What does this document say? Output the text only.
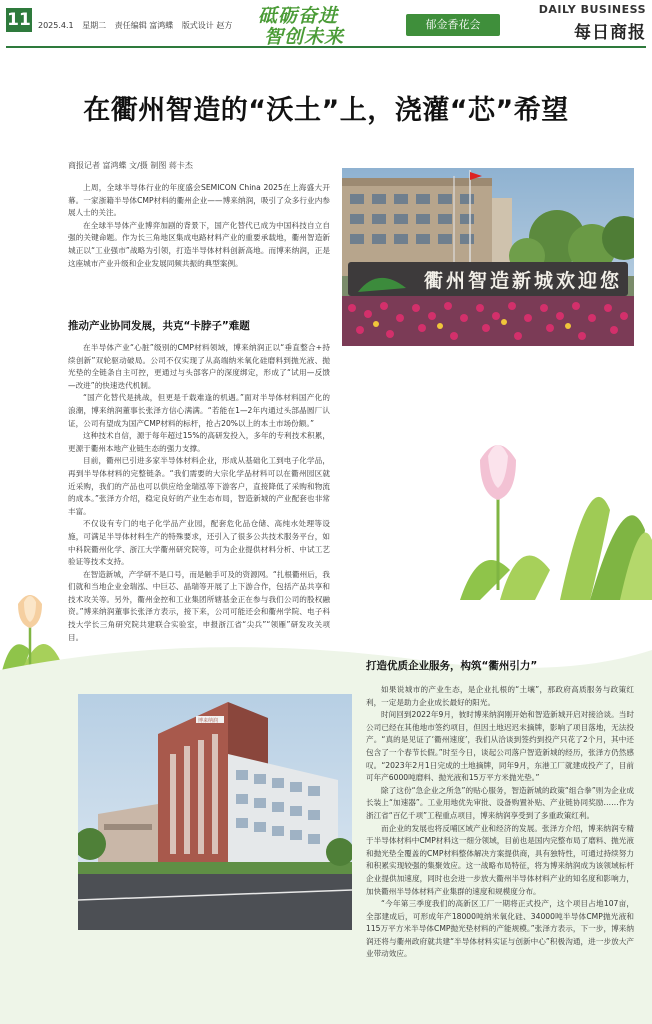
11 2025.4.1 星期二 责任编辑 富鸿蝶 版式设计 赵方	砥砺奋进
智创未来
郁金香花会
DAILY BUSINESS
每日商报
在衢州智造的“沃土”上，浇灌“芯”希望
商报记者 富鸿蝶 文/摄 制图 蒋卡杰

上周，全球半导体行业的年度盛会SEMICON China 2025在上海盛大开幕。一家浙籍半导体CMP材料的衢州企业——博来纳润，吸引了众多行业内参展人士的关注。

在全球半导体产业博弈加剧的背景下，国产化替代已成为中国科技自立自强的关键命题。作为长三角地区集成电路材料产业的重要承载地，衢州智造新城正以“工业强市”战略为引领，打造半导体材料创新高地。而博来纳润，正是这座城市产业升级和企业发展同频共振的典型案例。

衢州智造新城欢迎您
推动产业协同发展，共克“卡脖子”难题

在半导体产业“心脏”级别的CMP材料领域，博来纳润正以“垂直整合+持续创新”双轮驱动破局。公司不仅实现了从高端纳米氧化硅磨料到抛光液、抛光垫的全链条自主可控，更通过与头部客户的深度绑定，形成了“试用—反馈—改进”的快速迭代机制。

“国产化替代是挑战，但更是千载难逢的机遇。”面对半导体材料国产化的浪潮，博来纳润董事长张泽方信心满满。“若能在1—2年内通过头部晶圆厂认证，公司有望成为国产CMP材料的标杆，抢占20%以上的本土市场份额。”

这种技术自信，源于每年超过15%的高研发投入，多年的专利技术积累，更源于衢州本地产业链生态的强力支撑。

目前，衢州已引进多家半导体材料企业，形成从基础化工到电子化学品，再到半导体材料的完整链条。“我们需要的大宗化学品材料可以在衢州园区就近采购，我们的产品也可以供应给金瑞泓等下游客户，直接降低了采购和物流的成本。”张泽方介绍，稳定良好的产业生态布局，智造新城的产业配套也非常丰富。

不仅设有专门的电子化学品产业园，配套危化品仓储、高纯水处理等设施，可满足半导体材料生产的特殊要求，还引入了很多公共技术服务平台，如中科院衢州化学、浙江大学衢州研究院等，可为企业提供材料分析、中试工艺验证等技术支持。

在智造新城，产学研不是口号，而是触手可及的资源网。“扎根衢州后，我们就和当地企业金瑞泓、中巨芯、晶瑞等开展了上下游合作，包括产品共享和技术攻关等。另外，衢州金控和工业集团所辖基金正在参与我们公司的股权融资。”博来纳润董事长张泽方表示，接下来，公司可能还会和衢州学院、电子科技大学长三角研究院共建联合实验室，申报浙江省“尖兵”“领雁”研发攻关项目。

博来纳润
打造优质企业服务，构筑“衢州引力”

如果说城市的产业生态，是企业扎根的“土壤”，那政府高质服务与政策红利，一定是助力企业成长最好的阳光。

时间回到2022年9月，彼时博来纳润刚开始和智造新城开启对接洽谈。当时公司已经在其他地市签约项目，但因土地迟迟未摘牌，影响了项目落地，无法投产。“真的是见证了‘衢州速度’，我们从洽谈到签约到投产只花了2个月，其中还包含了一个春节长假。”时至今日，谈起公司落户智造新城的经历，张泽方仍然感叹。“2023年2月1日完成的土地摘牌，同年9月，东港工厂就建成投产了，目前可年产6000吨磨料、抛光液和15万平方米抛光垫。”

除了这份“急企业之所急”的贴心服务，智造新城的政策“组合拳”则为企业成长装上“加速器”。工业用地优先审批、设备购置补贴、产业链协同奖励……作为浙江省“百亿千项”工程重点项目，博来纳润享受到了多重政策红利。

而企业的发展也将反哺区域产业和经济的发展。张泽方介绍，博来纳润专精于半导体材料中CMP材料这一细分领域，目前也是国内完整布局了磨料、抛光液和抛光垫全覆盖的CMP材料整体解决方案提供商，具有独特性，可通过持续努力和积累实现较强的集聚效应。这一战略布局特征，将为博来纳润成为该领域标杆企业提供加速度，同时也会进一步放大衢州半导体材料产业的知名度和影响力，加快衢州半导体材料产业集群的速度和规模度分布。

“今年第三季度我们的高新区工厂一期将正式投产，这个项目占地107亩，全部建成后，可形成年产18000吨纳米氧化硅、34000吨半导体CMP抛光液和115万平方米半导体CMP抛光垫材料的产能规模。”张泽方表示，下一步，博来纳润还将与衢州政府就共建“半导体材料实证与创新中心”积极沟通，进一步放大产业带动效应。
